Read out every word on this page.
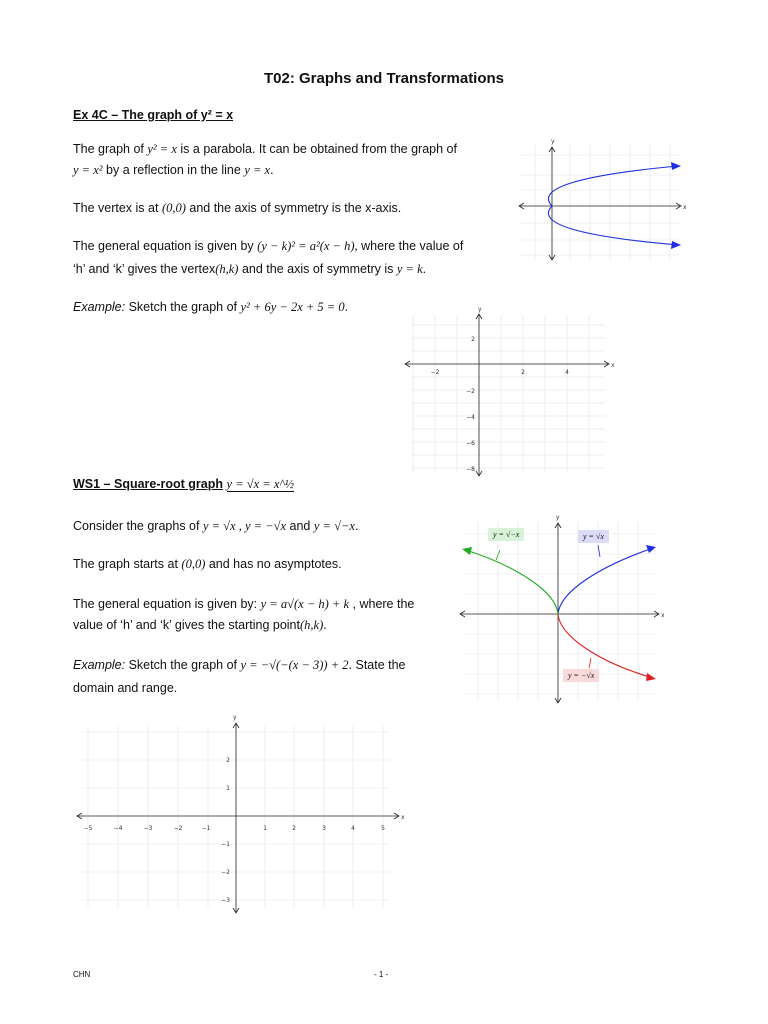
T02: Graphs and Transformations
Ex 4C – The graph of y² = x
The graph of y² = x is a parabola. It can be obtained from the graph of
y = x² by a reflection in the line y = x.
The vertex is at (0,0) and the axis of symmetry is the x-axis.
The general equation is given by (y − k)² = a²(x − h), where the value of
‘h’ and ‘k’ gives the vertex(h,k) and the axis of symmetry is y = k.
Example: Sketch the graph of y² + 6y − 2x + 5 = 0.
y
x
y
x
−2	2	4
2
−2
−4
−6
−8
WS1 – Square-root graph y = √x = x^½
Consider the graphs of y = √x , y = −√x and y = √−x.
The graph starts at (0,0) and has no asymptotes.
The general equation is given by: y = a√(x − h) + k , where the
value of ‘h’ and ‘k’ gives the starting point(h,k).
Example: Sketch the graph of y = −√(−(x − 3)) + 2. State the
domain and range.
y
x
y = √−x	y = √x
y = −√x
y
x
−5	−4	−3	−2	−1	1	2	3	4	5
2
1
−1
−2
−3
CHN	- 1 -
